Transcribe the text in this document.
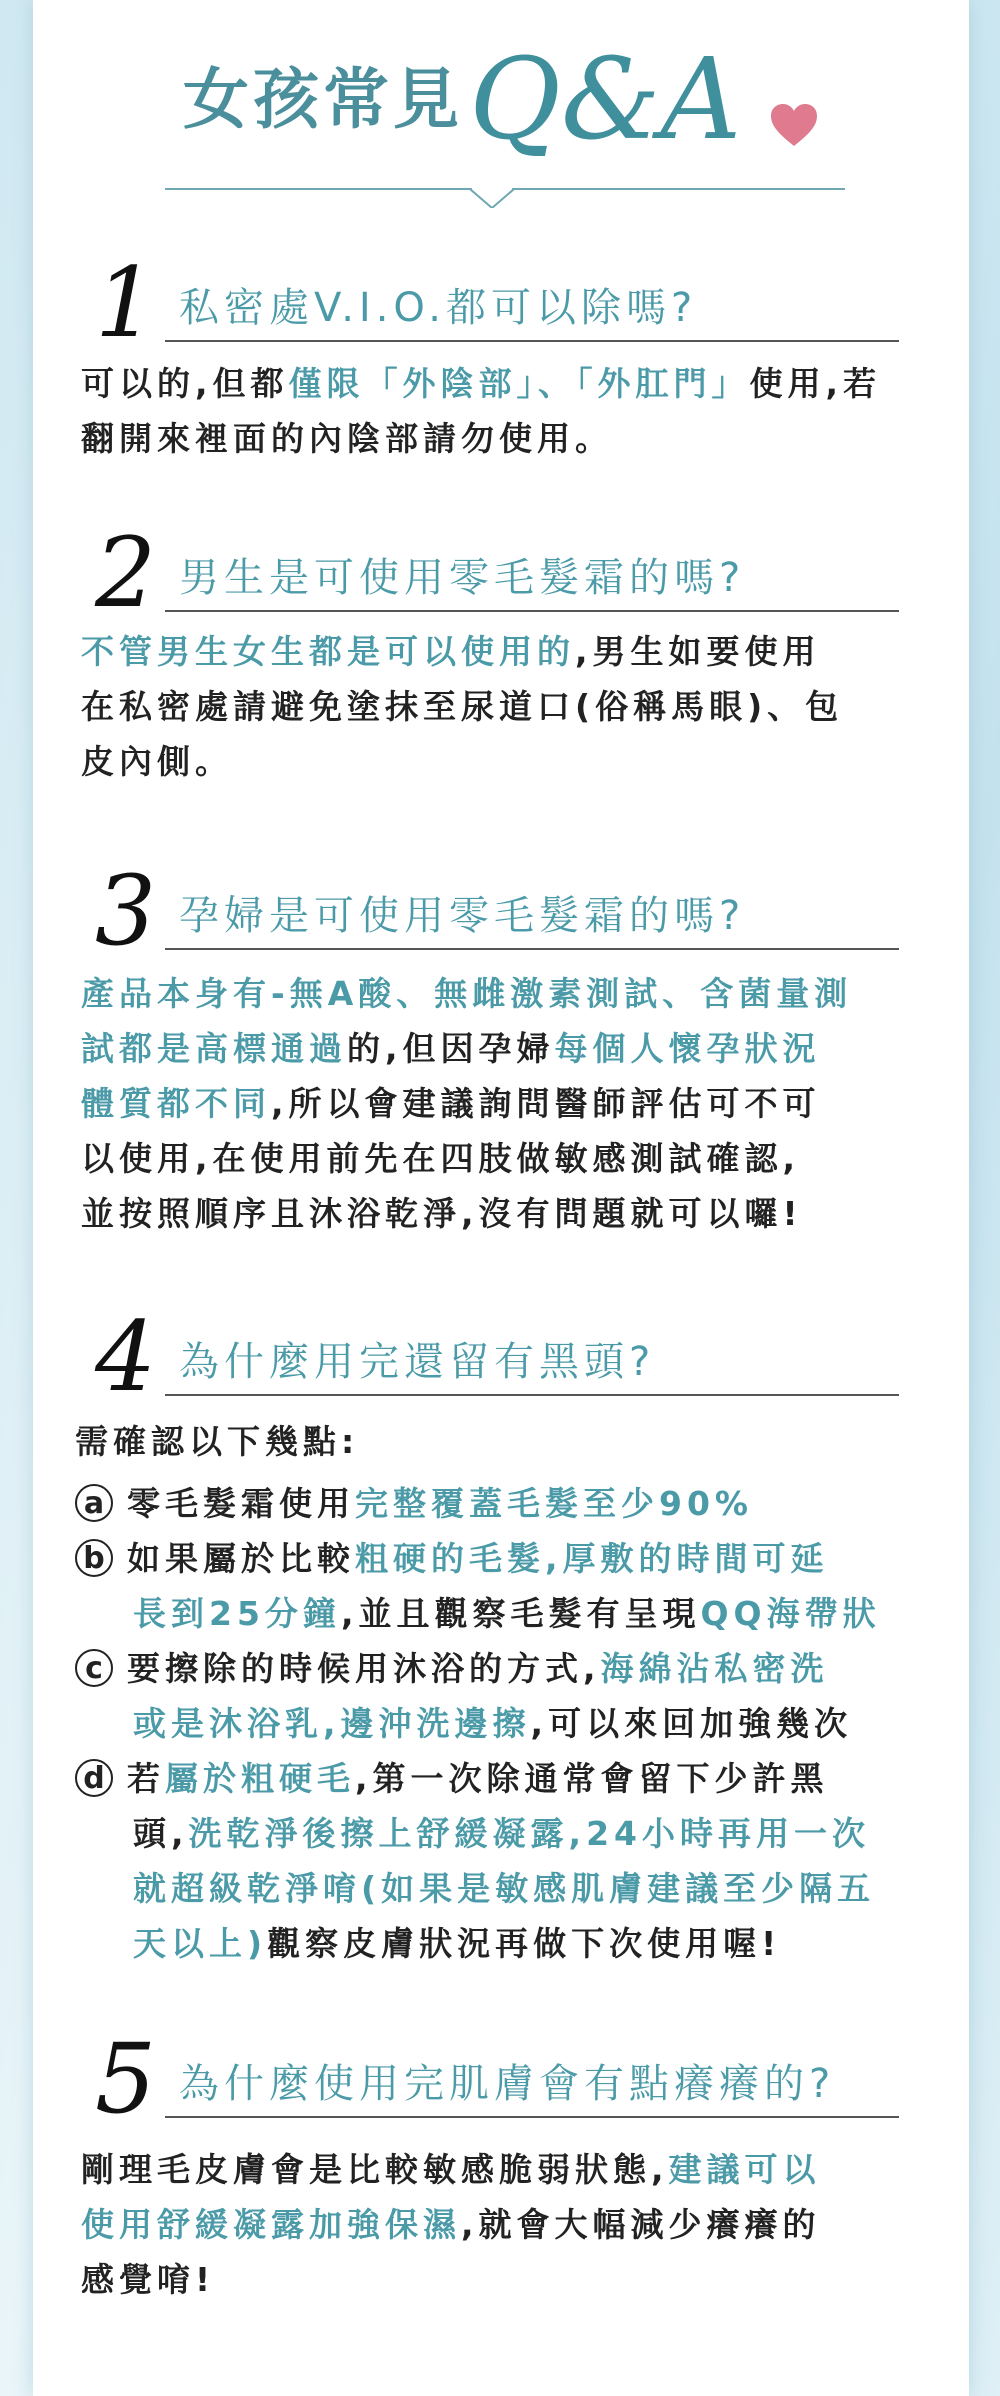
女孩常見 Q&A
1 私密處V.I.O.都可以除嗎?

可以的,但都僅限「外陰部」、「外肛門」使用,若

翻開來裡面的內陰部請勿使用。

2 男生是可使用零毛髮霜的嗎?

不管男生女生都是可以使用的,男生如要使用

在私密處請避免塗抹至尿道口(俗稱馬眼)、包

皮內側。

3 孕婦是可使用零毛髮霜的嗎?

產品本身有-無A酸、無雌激素測試、含菌量測

試都是高標通過的,但因孕婦每個人懷孕狀況

體質都不同,所以會建議詢問醫師評估可不可

以使用,在使用前先在四肢做敏感測試確認,

並按照順序且沐浴乾淨,沒有問題就可以囉!

4 為什麼用完還留有黑頭?

需確認以下幾點:

a 零毛髮霜使用完整覆蓋毛髮至少90%

b 如果屬於比較粗硬的毛髮,厚敷的時間可延

長到25分鐘,並且觀察毛髮有呈現QQ海帶狀

c 要擦除的時候用沐浴的方式,海綿沾私密洗

或是沐浴乳,邊沖洗邊擦,可以來回加強幾次

d 若屬於粗硬毛,第一次除通常會留下少許黑

頭,洗乾淨後擦上舒緩凝露,24小時再用一次

就超級乾淨唷(如果是敏感肌膚建議至少隔五

天以上)觀察皮膚狀況再做下次使用喔!

5 為什麼使用完肌膚會有點癢癢的?

剛理毛皮膚會是比較敏感脆弱狀態,建議可以

使用舒緩凝露加強保濕,就會大幅減少癢癢的

感覺唷!
